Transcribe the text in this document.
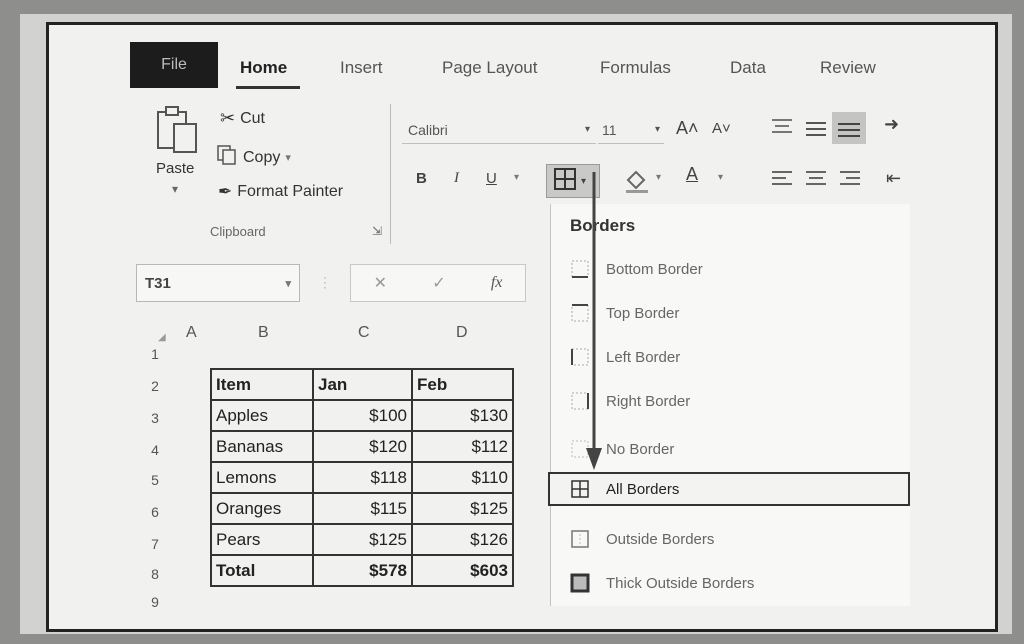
File	Home	Insert	Page Layout	Formulas	Data	Review
Paste
▾
✂ Cut
Copy ▾
✒ Format Painter
Clipboard	⇲
Calibri	▾ 11	▾ A˄ A˅
B I U ▾	▾	▾ A ▾
➜
⇤
T31	▾ ⋮	✕	✓	fx
◢ A	B	C	D
1
2
3
4
5
6
7
8
9
Item	Jan	Feb
Apples	$100	$130
Bananas	$120	$112
Lemons	$118	$110
Oranges	$115	$125
Pears	$125	$126
Total	$578	$603
Borders
Bottom Border
Top Border
Left Border
Right Border
No Border
All Borders
Outside Borders
Thick Outside Borders
